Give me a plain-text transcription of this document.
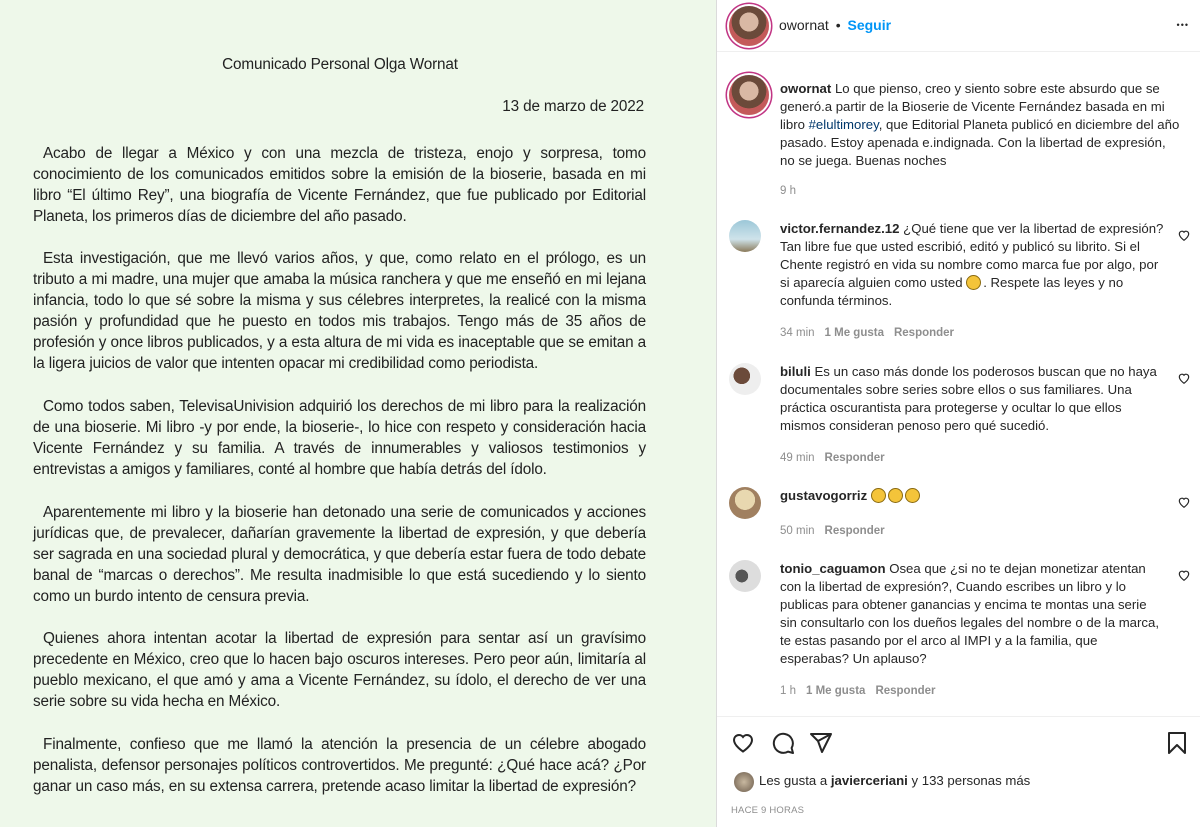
Comunicado Personal Olga Wornat
13 de marzo de 2022
Acabo de llegar a México y con una mezcla de tristeza, enojo y sorpresa, tomo conocimiento de los comunicados emitidos sobre la emisión de la bioserie, basada en mi libro “El último Rey”, una biografía de Vicente Fernández, que fue publicado por Editorial Planeta, los primeros días de diciembre del año pasado.
Esta investigación, que me llevó varios años, y que, como relato en el prólogo, es un tributo a mi madre, una mujer que amaba la música ranchera y que me enseñó en mi lejana infancia, todo lo que sé sobre la misma y sus célebres interpretes, la realicé con la misma pasión y profundidad que he puesto en todos mis trabajos. Tengo más de 35 años de profesión y once libros publicados, y a esta altura de mi vida es inaceptable que se emitan a la ligera juicios de valor que intenten opacar mi credibilidad como periodista.
Como todos saben, TelevisaUnivision adquirió los derechos de mi libro para la realización de una bioserie. Mi libro -y por ende, la bioserie-, lo hice con respeto y consideración hacia Vicente Fernández y su familia. A través de innumerables y valiosos testimonios y entrevistas a amigos y familiares, conté al hombre que había detrás del ídolo.
Aparentemente mi libro y la bioserie han detonado una serie de comunicados y acciones jurídicas que, de prevalecer, dañarían gravemente la libertad de expresión, y que debería ser sagrada en una sociedad plural y democrática, y que debería estar fuera de todo debate banal de “marcas o derechos”. Me resulta inadmisible lo que está sucediendo y lo siento como un burdo intento de censura previa.
Quienes ahora intentan acotar la libertad de expresión para sentar así un gravísimo precedente en México, creo que lo hacen bajo oscuros intereses. Pero peor aún, limitaría al pueblo mexicano, el que amó y ama a Vicente Fernández, su ídolo, el derecho de ver una serie sobre su vida hecha en México.
Finalmente, confieso que me llamó la atención la presencia de un célebre abogado penalista, defensor personajes políticos controvertidos. Me pregunté: ¿Qué hace acá? ¿Por ganar un caso más, en su extensa carrera, pretende acaso limitar la libertad de expresión?
owornat • Seguir	•••
owornat Lo que pienso, creo y siento sobre este absurdo que se generó.a partir de la Bioserie de Vicente Fernández basada en mi libro #elultimorey, que Editorial Planeta publicó en diciembre del año pasado. Estoy apenada e.indignada. Con la libertad de expresión, no se juega. Buenas noches
9 h
victor.fernandez.12 ¿Qué tiene que ver la libertad de expresión? Tan libre fue que usted escribió, editó y publicó su librito. Si el Chente registró en vida su nombre como marca fue por algo, por si aparecía alguien como usted . Respete las leyes y no confunda términos.
34 min 1 Me gusta Responder
biluli Es un caso más donde los poderosos buscan que no haya documentales sobre series sobre ellos o sus familiares. Una práctica oscurantista para protegerse y ocultar lo que ellos mismos consideran penoso pero qué sucedió.
49 min Responder
gustavogorriz
50 min Responder
tonio_caguamon Osea que ¿si no te dejan monetizar atentan con la libertad de expresión?, Cuando escribes un libro y lo publicas para obtener ganancias y encima te montas una serie sin consultarlo con los dueños legales del nombre o de la marca, te estas pasando por el arco al IMPI y a la familia, que esperabas? Un aplauso?
1 h 1 Me gusta Responder
Les gusta a javierceriani y 133 personas más
HACE 9 HORAS
